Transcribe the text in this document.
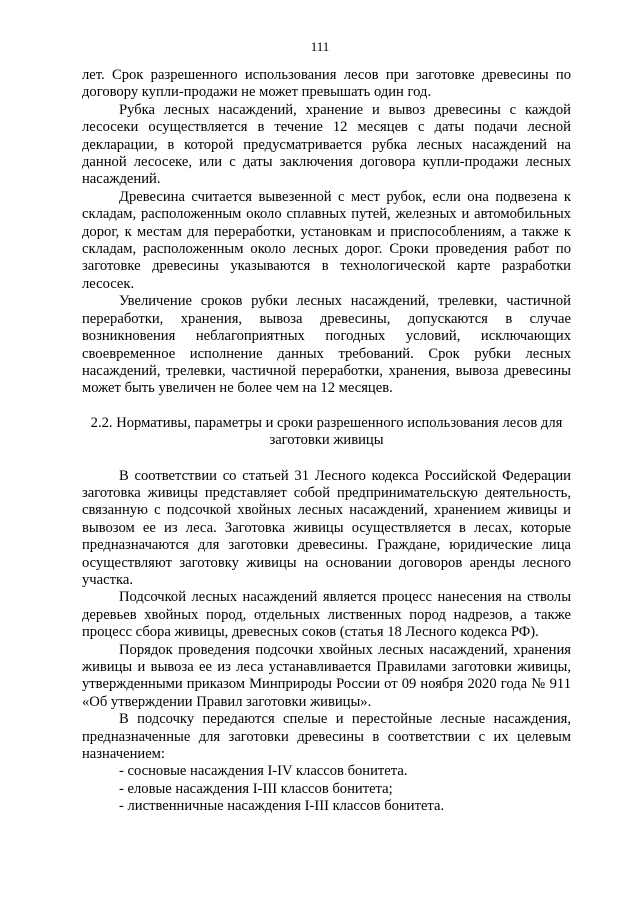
111

лет. Срок разрешенного использования лесов при заготовке древесины по договору купли-продажи не может превышать один год.

Рубка лесных насаждений, хранение и вывоз древесины с каждой лесосеки осуществляется в течение 12 месяцев с даты подачи лесной декларации, в которой предусматривается рубка лесных насаждений на данной лесосеке, или с даты заключения договора купли-продажи лесных насаждений.

Древесина считается вывезенной с мест рубок, если она подвезена к складам, расположенным около сплавных путей, железных и автомобильных дорог, к местам для переработки, установкам и приспособлениям, а также к складам, расположенным около лесных дорог. Сроки проведения работ по заготовке древесины указываются в технологической карте разработки лесосек.

Увеличение сроков рубки лесных насаждений, трелевки, частичной переработки, хранения, вывоза древесины, допускаются в случае возникновения неблагоприятных погодных условий, исключающих своевременное исполнение данных требований. Срок рубки лесных насаждений, трелевки, частичной переработки, хранения, вывоза древесины может быть увеличен не более чем на 12 месяцев.

2.2. Нормативы, параметры и сроки разрешенного использования лесов для
заготовки живицы

В соответствии со статьей 31 Лесного кодекса Российской Федерации заготовка живицы представляет собой предпринимательскую деятельность, связанную с подсочкой хвойных лесных насаждений, хранением живицы и вывозом ее из леса. Заготовка живицы осуществляется в лесах, которые предназначаются для заготовки древесины. Граждане, юридические лица осуществляют заготовку живицы на основании договоров аренды лесного участка.

Подсочкой лесных насаждений является процесс нанесения на стволы деревьев хвойных пород, отдельных лиственных пород надрезов, а также процесс сбора живицы, древесных соков (статья 18 Лесного кодекса РФ).

Порядок проведения подсочки хвойных лесных насаждений, хранения живицы и вывоза ее из леса устанавливается Правилами заготовки живицы, утвержденными приказом Минприроды России от 09 ноября 2020 года № 911 «Об утверждении Правил заготовки живицы».

В подсочку передаются спелые и перестойные лесные насаждения, предназначенные для заготовки древесины в соответствии с их целевым назначением:

- сосновые насаждения I-IV классов бонитета.
- еловые насаждения I-III классов бонитета;
- лиственничные насаждения I-III классов бонитета.
